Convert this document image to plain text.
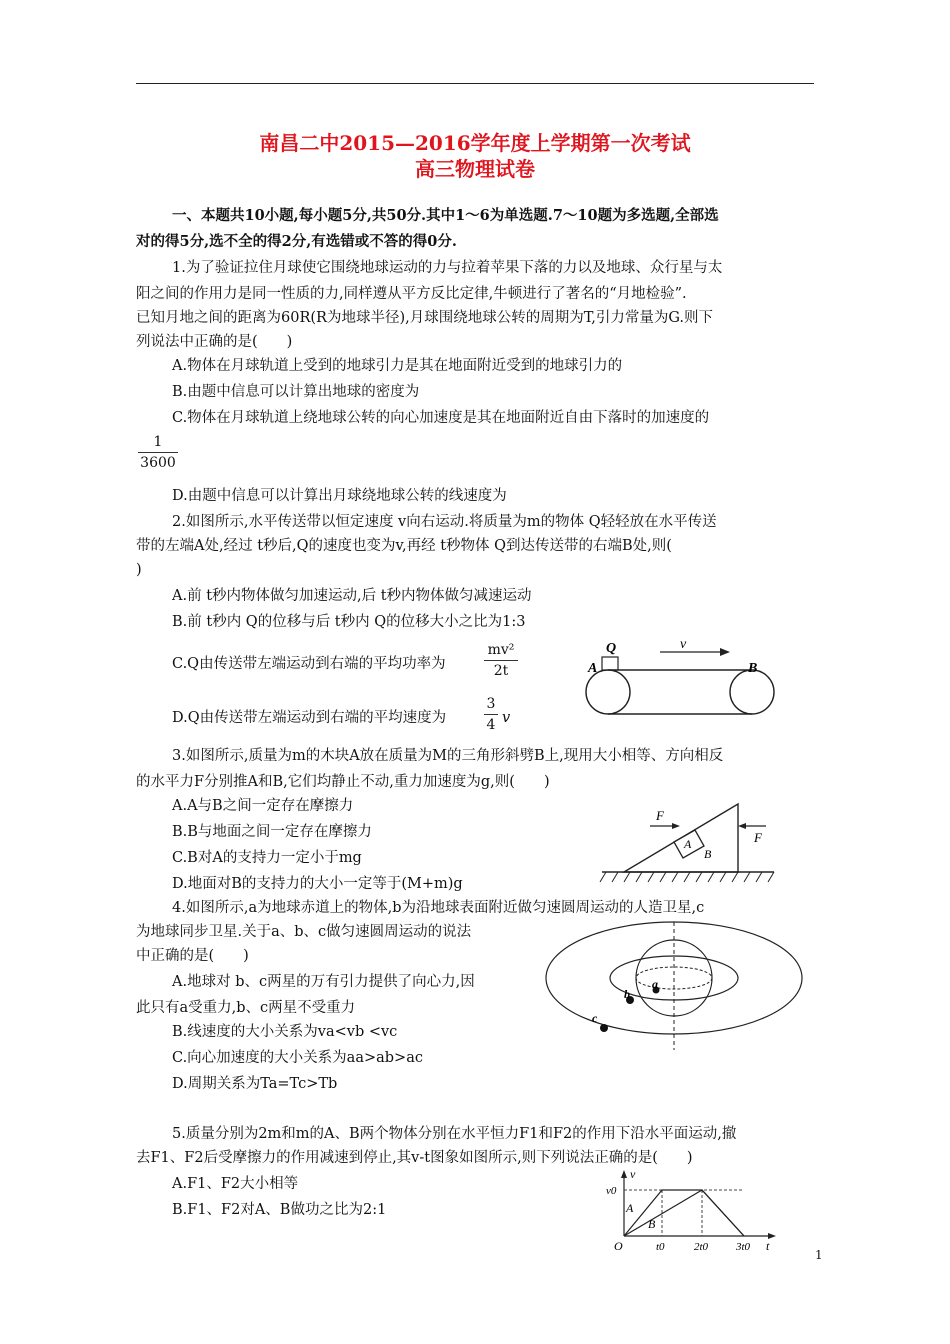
南昌二中2015—2016学年度上学期第一次考试
高三物理试卷
一、本题共10小题,每小题5分,共50分.其中1～6为单选题.7～10题为多选题,全部选
对的得5分,选不全的得2分,有选错或不答的得0分.
1.为了验证拉住月球使它围绕地球运动的力与拉着苹果下落的力以及地球、众行星与太
阳之间的作用力是同一性质的力,同样遵从平方反比定律,牛顿进行了著名的“月地检验”.
已知月地之间的距离为60R(R为地球半径),月球围绕地球公转的周期为T,引力常量为G.则下
列说法中正确的是(　　)
A.物体在月球轨道上受到的地球引力是其在地面附近受到的地球引力的
B.由题中信息可以计算出地球的密度为
C.物体在月球轨道上绕地球公转的向心加速度是其在地面附近自由下落时的加速度的
1
3600
D.由题中信息可以计算出月球绕地球公转的线速度为
2.如图所示,水平传送带以恒定速度 v向右运动.将质量为m的物体 Q轻轻放在水平传送
带的左端A处,经过 t秒后,Q的速度也变为v,再经 t秒物体 Q到达传送带的右端B处,则(
)
A.前 t秒内物体做匀加速运动,后 t秒内物体做匀减速运动
B.前 t秒内 Q的位移与后 t秒内 Q的位移大小之比为1:3
C.Q由传送带左端运动到右端的平均功率为
mv²
2t
D.Q由传送带左端运动到右端的平均速度为
3
4 v
Q	v
A	B
3.如图所示,质量为m的木块A放在质量为M的三角形斜劈B上,现用大小相等、方向相反
的水平力F分别推A和B,它们均静止不动,重力加速度为g,则(　　)
A.A与B之间一定存在摩擦力
B.B与地面之间一定存在摩擦力
C.B对A的支持力一定小于mg
D.地面对B的支持力的大小一定等于(M+m)g
F
F
A
B
4.如图所示,a为地球赤道上的物体,b为沿地球表面附近做匀速圆周运动的人造卫星,c
为地球同步卫星.关于a、b、c做匀速圆周运动的说法
中正确的是(　　)
A.地球对 b、c两星的万有引力提供了向心力,因
此只有a受重力,b、c两星不受重力
B.线速度的大小关系为va<vb <vc
C.向心加速度的大小关系为aa>ab>ac
D.周期关系为Ta=Tc>Tb
a
b
c
5.质量分别为2m和m的A、B两个物体分别在水平恒力F1和F2的作用下沿水平面运动,撤
去F1、F2后受摩擦力的作用减速到停止,其v-t图象如图所示,则下列说法正确的是(　　)
A.F1、F2大小相等
B.F1、F2对A、B做功之比为2:1
v
v0
A
B
O	t0	2t0	3t0 t
1
